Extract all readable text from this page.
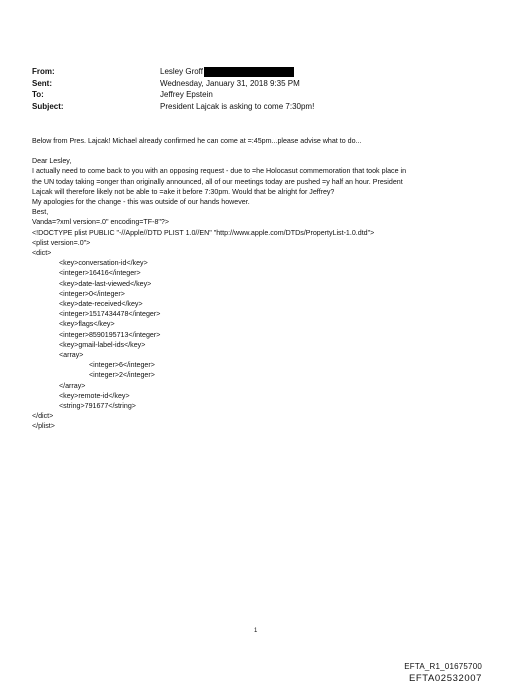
From:	Lesley Groff
Sent:	Wednesday, January 31, 2018 9:35 PM
To:	Jeffrey Epstein
Subject:	President Lajcak is asking to come 7:30pm!

Below from Pres. Lajcak! Michael already confirmed he can come at =:45pm...please advise what to do...

Dear Lesley,

I actually need to come back to you with an opposing request - due to =he Holocasut commemoration that took place in

the UN today taking =onger than originally announced, all of our meetings today are pushed =y half an hour. President

Lajcak will therefore likely not be able to =ake it before 7:30pm. Would that be alright for Jeffrey?

My apologies for the change - this was outside of our hands however.

Best,

Vanda=?xml version=.0" encoding=TF-8"?>

<!DOCTYPE plist PUBLIC "-//Apple//DTD PLIST 1.0//EN" "http://www.apple.com/DTDs/PropertyList-1.0.dtd">

<plist version=.0">

<dict>

<key>conversation-id</key>

<integer>16416</integer>

<key>date-last-viewed</key>

<integer>0</integer>

<key>date-received</key>

<integer>1517434478</integer>

<key>flags</key>

<integer>8590195713</integer>

<key>gmail-label-ids</key>

<array>

<integer>6</integer>

<integer>2</integer>

</array>

<key>remote-id</key>

<string>791677</string>

</dict>

</plist>

1
EFTA_R1_01675700
EFTA02532007
